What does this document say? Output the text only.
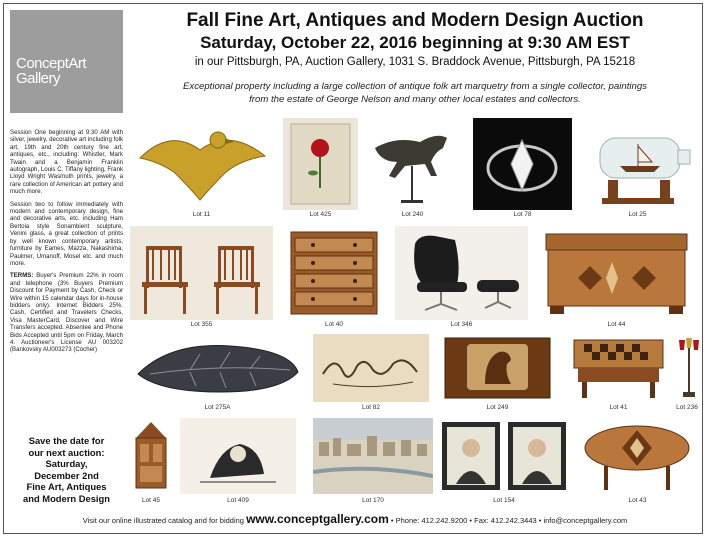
ConceptArt
Gallery
Fall Fine Art, Antiques and Modern Design Auction
Saturday, October 22, 2016 beginning at 9:30 AM EST
in our Pittsburgh, PA, Auction Gallery, 1031 S. Braddock Avenue, Pittsburgh, PA 15218
Exceptional property including a large collection of antique folk art marquetry from a single collector, paintings
from the estate of George Nelson and many other local estates and collectors.

Session One beginning at 9:30 AM with silver, jewelry, decorative art including folk art, 19th and 20th century fine art, antiques, etc., including: Whistler, Mark Twain and a Benjamin Franklin autograph, Louis C. Tiffany lighting, Frank Lloyd Wright Wasmuth prints, jewelry, a rare collection of American art pottery and much more.

Session two to follow immediately with modern and contemporary design, fine and decorative arts, etc. including Ham Bertoia style Sonambient sculpture, Venini glass, a great collection of prints by well known contemporary artists, furniture by Eames, Mazza, Nakashima, Paulmer, Umanoff, Mosel etc. and much more.

TERMS: Buyer's Premium 22% in room and telephone (3% Buyers Premium Discount for Payment by Cash, Check or Wire within 15 calendar days for in-house bidders only). Internet Bidders 25%. Cash, Certified and Travelers Checks, Visa MasterCard, Discover and Wire Transfers accepted. Absentee and Phone Bids Accepted until 5pm on Friday, March 4. Auctioneer's License AU 003202 (Bankovsky AU003273 (Cocher)

Save the date for
our next auction:
Saturday,
December 2nd
Fine Art, Antiques
and Modern Design
Lot 11	Lot 425	Lot 240	Lot 78	Lot 25
Lot 355	Lot 40	Lot 346	Lot 44
Lot 275A	Lot 82	Lot 249	Lot 41	Lot 236
Lot 45	Lot 409	Lot 170	Lot 154	Lot 43
Visit our online illustrated catalog and for bidding www.conceptgallery.com • Phone: 412.242.9200 • Fax: 412.242.3443 • info@conceptgallery.com
